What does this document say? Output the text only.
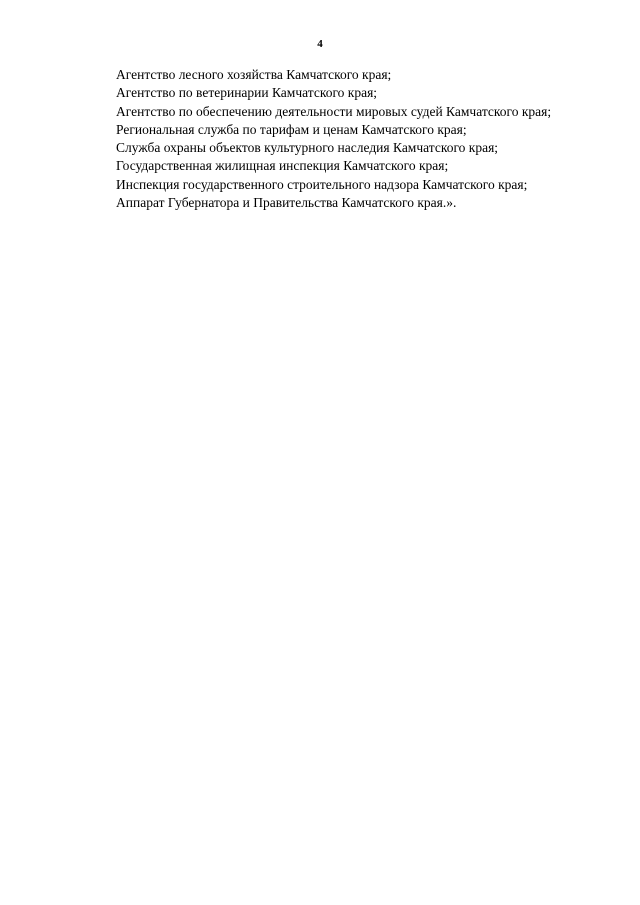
4

Агентство лесного хозяйства Камчатского края;

Агентство по ветеринарии Камчатского края;

Агентство по обеспечению деятельности мировых судей Камчатского края;

Региональная служба по тарифам и ценам Камчатского края;

Служба охраны объектов культурного наследия Камчатского края;

Государственная жилищная инспекция Камчатского края;

Инспекция государственного строительного надзора Камчатского края;

Аппарат Губернатора и Правительства Камчатского края.».
